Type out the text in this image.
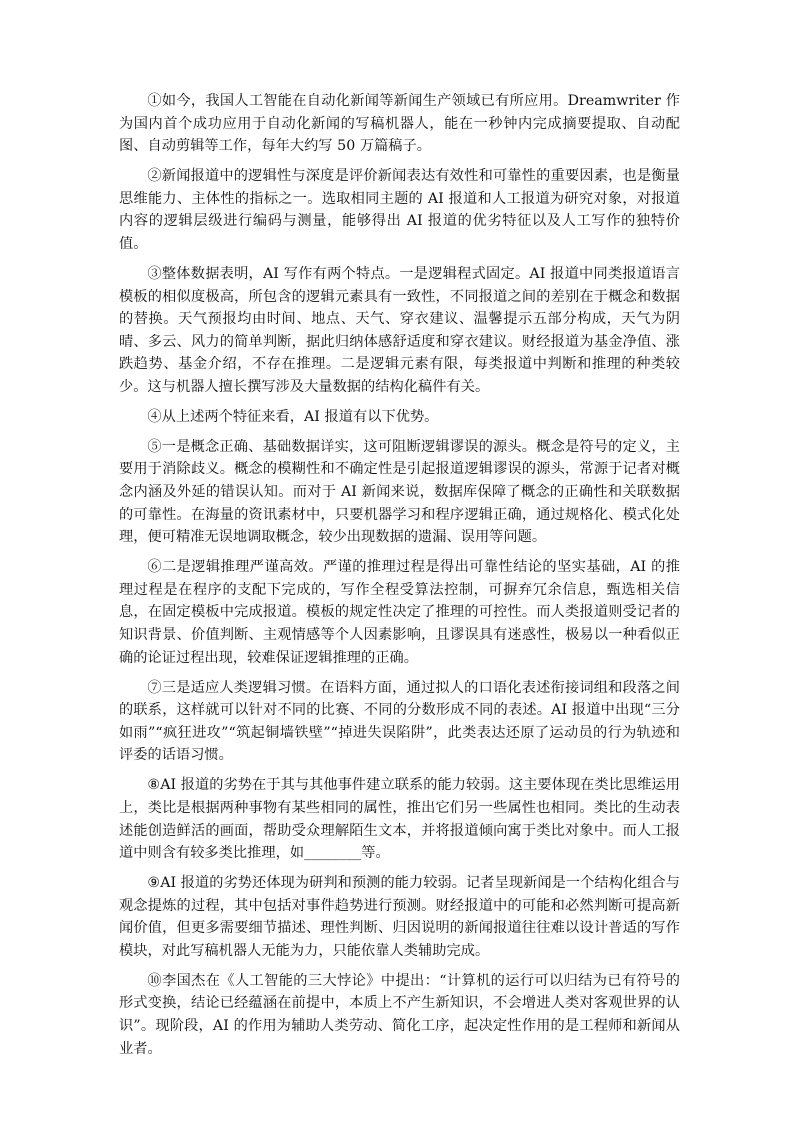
①如今，我国人工智能在自动化新闻等新闻生产领域已有所应用。Dreamwriter 作为国内首个成功应用于自动化新闻的写稿机器人，能在一秒钟内完成摘要提取、自动配图、自动剪辑等工作，每年大约写 50 万篇稿子。

②新闻报道中的逻辑性与深度是评价新闻表达有效性和可靠性的重要因素，也是衡量思维能力、主体性的指标之一。选取相同主题的 AI 报道和人工报道为研究对象，对报道内容的逻辑层级进行编码与测量，能够得出 AI 报道的优劣特征以及人工写作的独特价值。

③整体数据表明，AI 写作有两个特点。一是逻辑程式固定。AI 报道中同类报道语言模板的相似度极高，所包含的逻辑元素具有一致性，不同报道之间的差别在于概念和数据的替换。天气预报均由时间、地点、天气、穿衣建议、温馨提示五部分构成，天气为阴晴、多云、风力的简单判断，据此归纳体感舒适度和穿衣建议。财经报道为基金净值、涨跌趋势、基金介绍，不存在推理。二是逻辑元素有限，每类报道中判断和推理的种类较少。这与机器人擅长撰写涉及大量数据的结构化稿件有关。

④从上述两个特征来看，AI 报道有以下优势。

⑤一是概念正确、基础数据详实，这可阻断逻辑谬误的源头。概念是符号的定义，主要用于消除歧义。概念的模糊性和不确定性是引起报道逻辑谬误的源头，常源于记者对概念内涵及外延的错误认知。而对于 AI 新闻来说，数据库保障了概念的正确性和关联数据的可靠性。在海量的资讯素材中，只要机器学习和程序逻辑正确，通过规格化、模式化处理，便可精准无误地调取概念，较少出现数据的遗漏、误用等问题。

⑥二是逻辑推理严谨高效。严谨的推理过程是得出可靠性结论的坚实基础，AI 的推理过程是在程序的支配下完成的，写作全程受算法控制，可摒弃冗余信息，甄选相关信息，在固定模板中完成报道。模板的规定性决定了推理的可控性。而人类报道则受记者的知识背景、价值判断、主观情感等个人因素影响，且谬误具有迷惑性，极易以一种看似正确的论证过程出现，较难保证逻辑推理的正确。

⑦三是适应人类逻辑习惯。在语料方面，通过拟人的口语化表述衔接词组和段落之间的联系，这样就可以针对不同的比赛、不同的分数形成不同的表述。AI 报道中出现“三分如雨”“疯狂进攻”“筑起铜墙铁壁”“掉进失误陷阱”，此类表达还原了运动员的行为轨迹和评委的话语习惯。

⑧AI 报道的劣势在于其与其他事件建立联系的能力较弱。这主要体现在类比思维运用上，类比是根据两种事物有某些相同的属性，推出它们另一些属性也相同。类比的生动表述能创造鲜活的画面，帮助受众理解陌生文本，并将报道倾向寓于类比对象中。而人工报道中则含有较多类比推理，如________等。

⑨AI 报道的劣势还体现为研判和预测的能力较弱。记者呈现新闻是一个结构化组合与观念提炼的过程，其中包括对事件趋势进行预测。财经报道中的可能和必然判断可提高新闻价值，但更多需要细节描述、理性判断、归因说明的新闻报道往往难以设计普适的写作模块，对此写稿机器人无能为力，只能依靠人类辅助完成。

⑩李国杰在《人工智能的三大悖论》中提出：“计算机的运行可以归结为已有符号的形式变换，结论已经蕴涵在前提中，本质上不产生新知识，不会增进人类对客观世界的认识”。现阶段，AI 的作用为辅助人类劳动、简化工序，起决定性作用的是工程师和新闻从业者。
